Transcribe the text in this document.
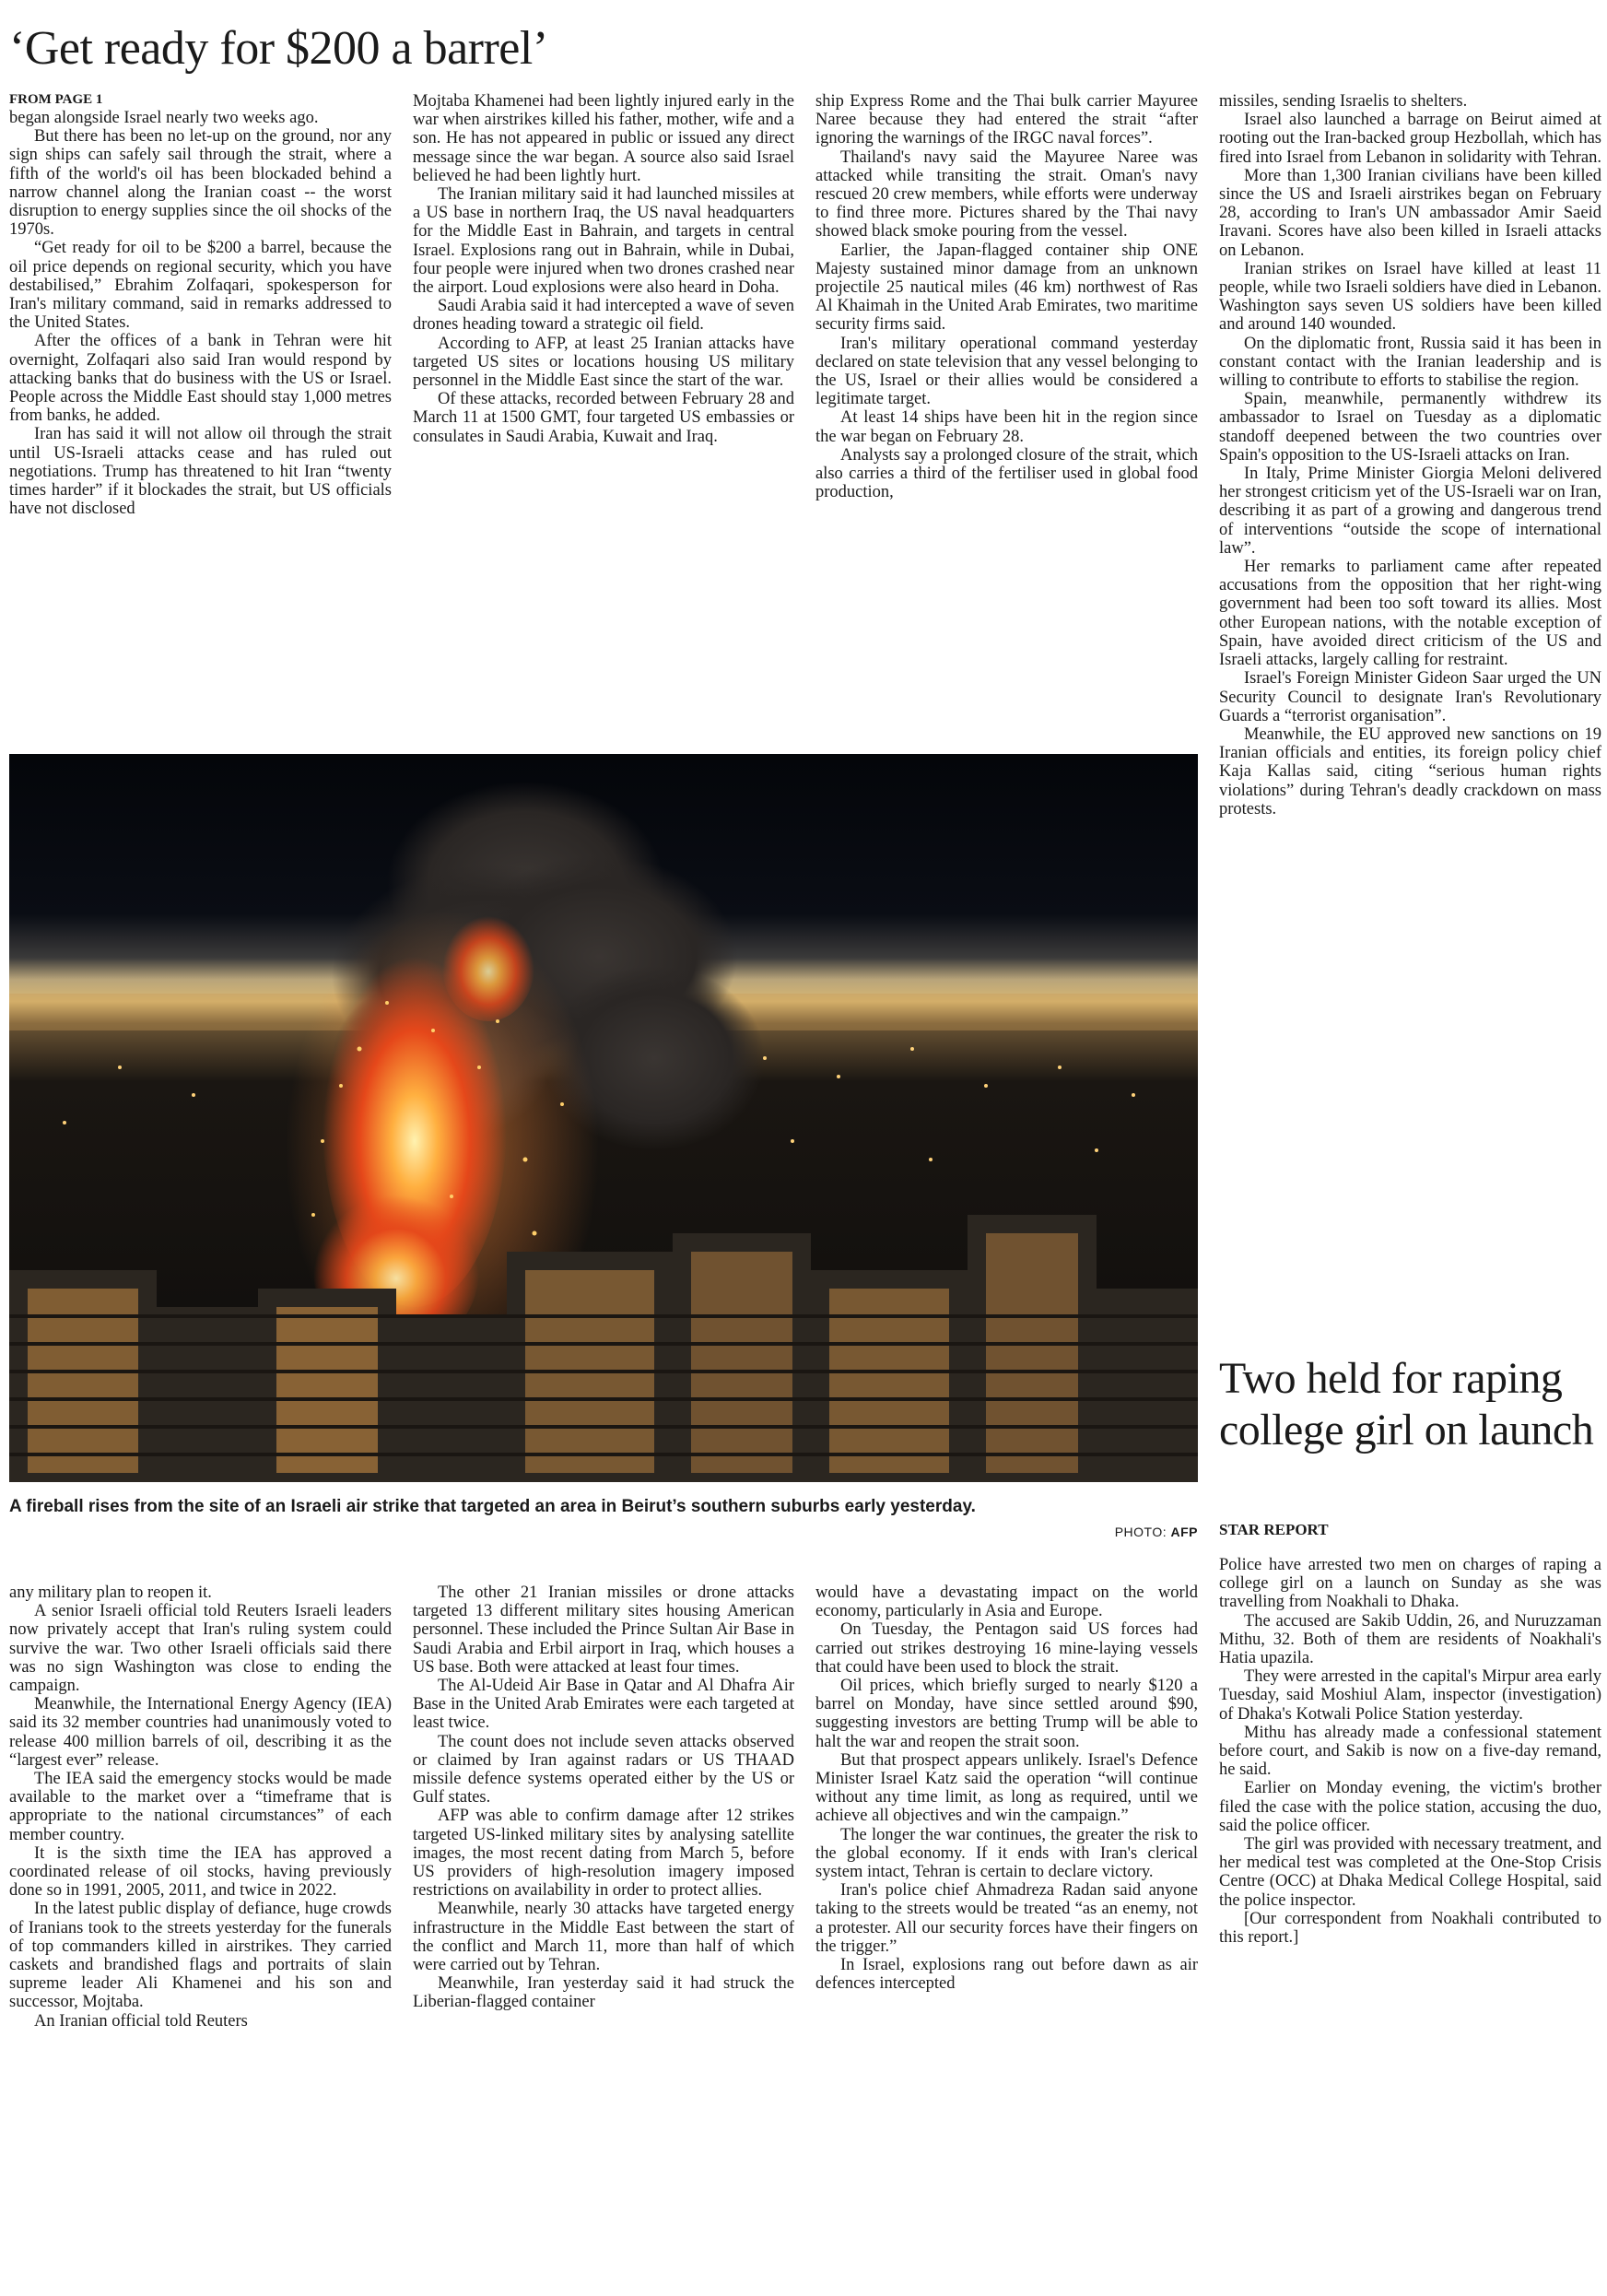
‘Get ready for $200 a barrel’
FROM PAGE 1

began alongside Israel nearly two weeks ago.

But there has been no let-up on the ground, nor any sign ships can safely sail through the strait, where a fifth of the world's oil has been blockaded behind a narrow channel along the Iranian coast -- the worst disruption to energy supplies since the oil shocks of the 1970s.

“Get ready for oil to be $200 a barrel, because the oil price depends on regional security, which you have destabilised,” Ebrahim Zolfaqari, spokesperson for Iran's military command, said in remarks addressed to the United States.

After the offices of a bank in Tehran were hit overnight, Zolfaqari also said Iran would respond by attacking banks that do business with the US or Israel. People across the Middle East should stay 1,000 metres from banks, he added.

Iran has said it will not allow oil through the strait until US-Israeli attacks cease and has ruled out negotiations. Trump has threatened to hit Iran “twenty times harder” if it blockades the strait, but US officials have not disclosed

Mojtaba Khamenei had been lightly injured early in the war when airstrikes killed his father, mother, wife and a son. He has not appeared in public or issued any direct message since the war began. A source also said Israel believed he had been lightly hurt.

The Iranian military said it had launched missiles at a US base in northern Iraq, the US naval headquarters for the Middle East in Bahrain, and targets in central Israel. Explosions rang out in Bahrain, while in Dubai, four people were injured when two drones crashed near the airport. Loud explosions were also heard in Doha.

Saudi Arabia said it had intercepted a wave of seven drones heading toward a strategic oil field.

According to AFP, at least 25 Iranian attacks have targeted US sites or locations housing US military personnel in the Middle East since the start of the war.

Of these attacks, recorded between February 28 and March 11 at 1500 GMT, four targeted US embassies or consulates in Saudi Arabia, Kuwait and Iraq.

ship Express Rome and the Thai bulk carrier Mayuree Naree because they had entered the strait “after ignoring the warnings of the IRGC naval forces”.

Thailand's navy said the Mayuree Naree was attacked while transiting the strait. Oman's navy rescued 20 crew members, while efforts were underway to find three more. Pictures shared by the Thai navy showed black smoke pouring from the vessel.

Earlier, the Japan-flagged container ship ONE Majesty sustained minor damage from an unknown projectile 25 nautical miles (46 km) northwest of Ras Al Khaimah in the United Arab Emirates, two maritime security firms said.

Iran's military operational command yesterday declared on state television that any vessel belonging to the US, Israel or their allies would be considered a legitimate target.

At least 14 ships have been hit in the region since the war began on February 28.

Analysts say a prolonged closure of the strait, which also carries a third of the fertiliser used in global food production,

missiles, sending Israelis to shelters.

Israel also launched a barrage on Beirut aimed at rooting out the Iran-backed group Hezbollah, which has fired into Israel from Lebanon in solidarity with Tehran.

More than 1,300 Iranian civilians have been killed since the US and Israeli airstrikes began on February 28, according to Iran's UN ambassador Amir Saeid Iravani. Scores have also been killed in Israeli attacks on Lebanon.

Iranian strikes on Israel have killed at least 11 people, while two Israeli soldiers have died in Lebanon. Washington says seven US soldiers have been killed and around 140 wounded.

On the diplomatic front, Russia said it has been in constant contact with the Iranian leadership and is willing to contribute to efforts to stabilise the region.

Spain, meanwhile, permanently withdrew its ambassador to Israel on Tuesday as a diplomatic standoff deepened between the two countries over Spain's opposition to the US-Israeli attacks on Iran.

In Italy, Prime Minister Giorgia Meloni delivered her strongest criticism yet of the US-Israeli war on Iran, describing it as part of a growing and dangerous trend of interventions “outside the scope of international law”.

Her remarks to parliament came after repeated accusations from the opposition that her right-wing government had been too soft toward its allies. Most other European nations, with the notable exception of Spain, have avoided direct criticism of the US and Israeli attacks, largely calling for restraint.

Israel's Foreign Minister Gideon Saar urged the UN Security Council to designate Iran's Revolutionary Guards a “terrorist organisation”.

Meanwhile, the EU approved new sanctions on 19 Iranian officials and entities, its foreign policy chief Kaja Kallas said, citing “serious human rights violations” during Tehran's deadly crackdown on mass protests.

A fireball rises from the site of an Israeli air strike that targeted an area in Beirut’s southern suburbs early yesterday.
PHOTO: AFP

any military plan to reopen it.

A senior Israeli official told Reuters Israeli leaders now privately accept that Iran's ruling system could survive the war. Two other Israeli officials said there was no sign Washington was close to ending the campaign.

Meanwhile, the International Energy Agency (IEA) said its 32 member countries had unanimously voted to release 400 million barrels of oil, describing it as the “largest ever” release.

The IEA said the emergency stocks would be made available to the market over a “timeframe that is appropriate to the national circumstances” of each member country.

It is the sixth time the IEA has approved a coordinated release of oil stocks, having previously done so in 1991, 2005, 2011, and twice in 2022.

In the latest public display of defiance, huge crowds of Iranians took to the streets yesterday for the funerals of top commanders killed in airstrikes. They carried caskets and brandished flags and portraits of slain supreme leader Ali Khamenei and his son and successor, Mojtaba.

An Iranian official told Reuters

The other 21 Iranian missiles or drone attacks targeted 13 different military sites housing American personnel. These included the Prince Sultan Air Base in Saudi Arabia and Erbil airport in Iraq, which houses a US base. Both were attacked at least four times.

The Al-Udeid Air Base in Qatar and Al Dhafra Air Base in the United Arab Emirates were each targeted at least twice.

The count does not include seven attacks observed or claimed by Iran against radars or US THAAD missile defence systems operated either by the US or Gulf states.

AFP was able to confirm damage after 12 strikes targeted US-linked military sites by analysing satellite images, the most recent dating from March 5, before US providers of high-resolution imagery imposed restrictions on availability in order to protect allies.

Meanwhile, nearly 30 attacks have targeted energy infrastructure in the Middle East between the start of the conflict and March 11, more than half of which were carried out by Tehran.

Meanwhile, Iran yesterday said it had struck the Liberian-flagged container

would have a devastating impact on the world economy, particularly in Asia and Europe.

On Tuesday, the Pentagon said US forces had carried out strikes destroying 16 mine-laying vessels that could have been used to block the strait.

Oil prices, which briefly surged to nearly $120 a barrel on Monday, have since settled around $90, suggesting investors are betting Trump will be able to halt the war and reopen the strait soon.

But that prospect appears unlikely. Israel's Defence Minister Israel Katz said the operation “will continue without any time limit, as long as required, until we achieve all objectives and win the campaign.”

The longer the war continues, the greater the risk to the global economy. If it ends with Iran's clerical system intact, Tehran is certain to declare victory.

Iran's police chief Ahmadreza Radan said anyone taking to the streets would be treated “as an enemy, not a protester. All our security forces have their fingers on the trigger.”

In Israel, explosions rang out before dawn as air defences intercepted

Two held for raping college girl on launch
STAR REPORT

Police have arrested two men on charges of raping a college girl on a launch on Sunday as she was travelling from Noakhali to Dhaka.

The accused are Sakib Uddin, 26, and Nuruzzaman Mithu, 32. Both of them are residents of Noakhali's Hatia upazila.

They were arrested in the capital's Mirpur area early Tuesday, said Moshiul Alam, inspector (investigation) of Dhaka's Kotwali Police Station yesterday.

Mithu has already made a confessional statement before court, and Sakib is now on a five-day remand, he said.

Earlier on Monday evening, the victim's brother filed the case with the police station, accusing the duo, said the police officer.

The girl was provided with necessary treatment, and her medical test was completed at the One-Stop Crisis Centre (OCC) at Dhaka Medical College Hospital, said the police inspector.

[Our correspondent from Noakhali contributed to this report.]
